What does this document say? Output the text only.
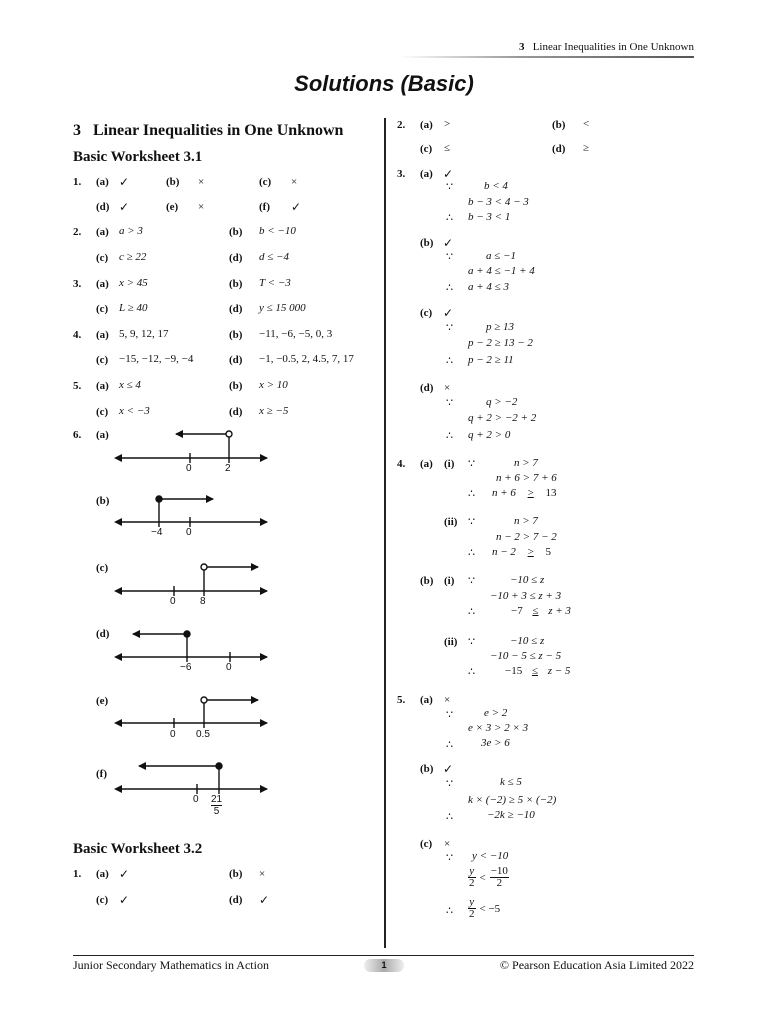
3 Linear Inequalities in One Unknown
Solutions (Basic)
3   Linear Inequalities in One Unknown
Basic Worksheet 3.1
1. (a) ✓	(b) ×	(c) ×
(d) ✓	(e) ×	(f) ✓
2. (a) a > 3	(b) b < −10
(c) c ≥ 22	(d) d ≤ −4
3. (a) x > 45	(b) T < −3
(c) L ≥ 40	(d) y ≤ 15 000
4. (a) 5, 9, 12, 17	(b) −11, −6, −5, 0, 3
(c) −15, −12, −9, −4	(d) −1, −0.5, 2, 4.5, 7, 17
5. (a) x ≤ 4	(b) x > 10
(c) x < −3	(d) x ≥ −5
6. (a)
(b)
(c)
(d)
(e)
(f)
0	2
−4 0
0 8
−6	0
0 0.5
$0 \frac{21}{5}$
Basic Worksheet 3.2
1. (a) ✓	(b) ×
(c) ✓	(d) ✓
2. (a) >	(b) <
(c) ≤	(d) ≥
3. (a) ✓
∵	b < 4
b − 3 < 4 − 3
∴ b − 3 < 1
(b) ✓
∵	a ≤ −1
a + 4 ≤ −1 + 4
∴ a + 4 ≤ 3
(c) ✓
∵	p ≥ 13
p − 2 ≥ 13 − 2
∴ p − 2 ≥ 11
(d) ×
∵	q > −2
q + 2 > −2 + 2
∴ q + 2 > 0
4. (a) (i) ∵	n > 7
n + 6 > 7 + 6
∴ n + 6 > 13
(ii) ∵	n > 7
n − 2 > 7 − 2
∴ n − 2 > 5
(b) (i) ∵	−10 ≤ z
−10 + 3 ≤ z + 3
∴	−7 ≤ z + 3
(ii) ∵	−10 ≤ z
−10 − 5 ≤ z − 5
∴	−15 ≤ z − 5
5. (a) ×
∵	e > 2
e × 3 > 2 × 3
∴	3e > 6
(b) ✓
∵	k ≤ 5
k × (−2) ≥ 5 × (−2)
∴	−2k ≥ −10
(c) ×
∵ y < −10
$\frac{y}{2} < \frac{-10}{2}$
∴ $\frac{y}{2} < -5$
Junior Secondary Mathematics in Action	1	© Pearson Education Asia Limited 2022
